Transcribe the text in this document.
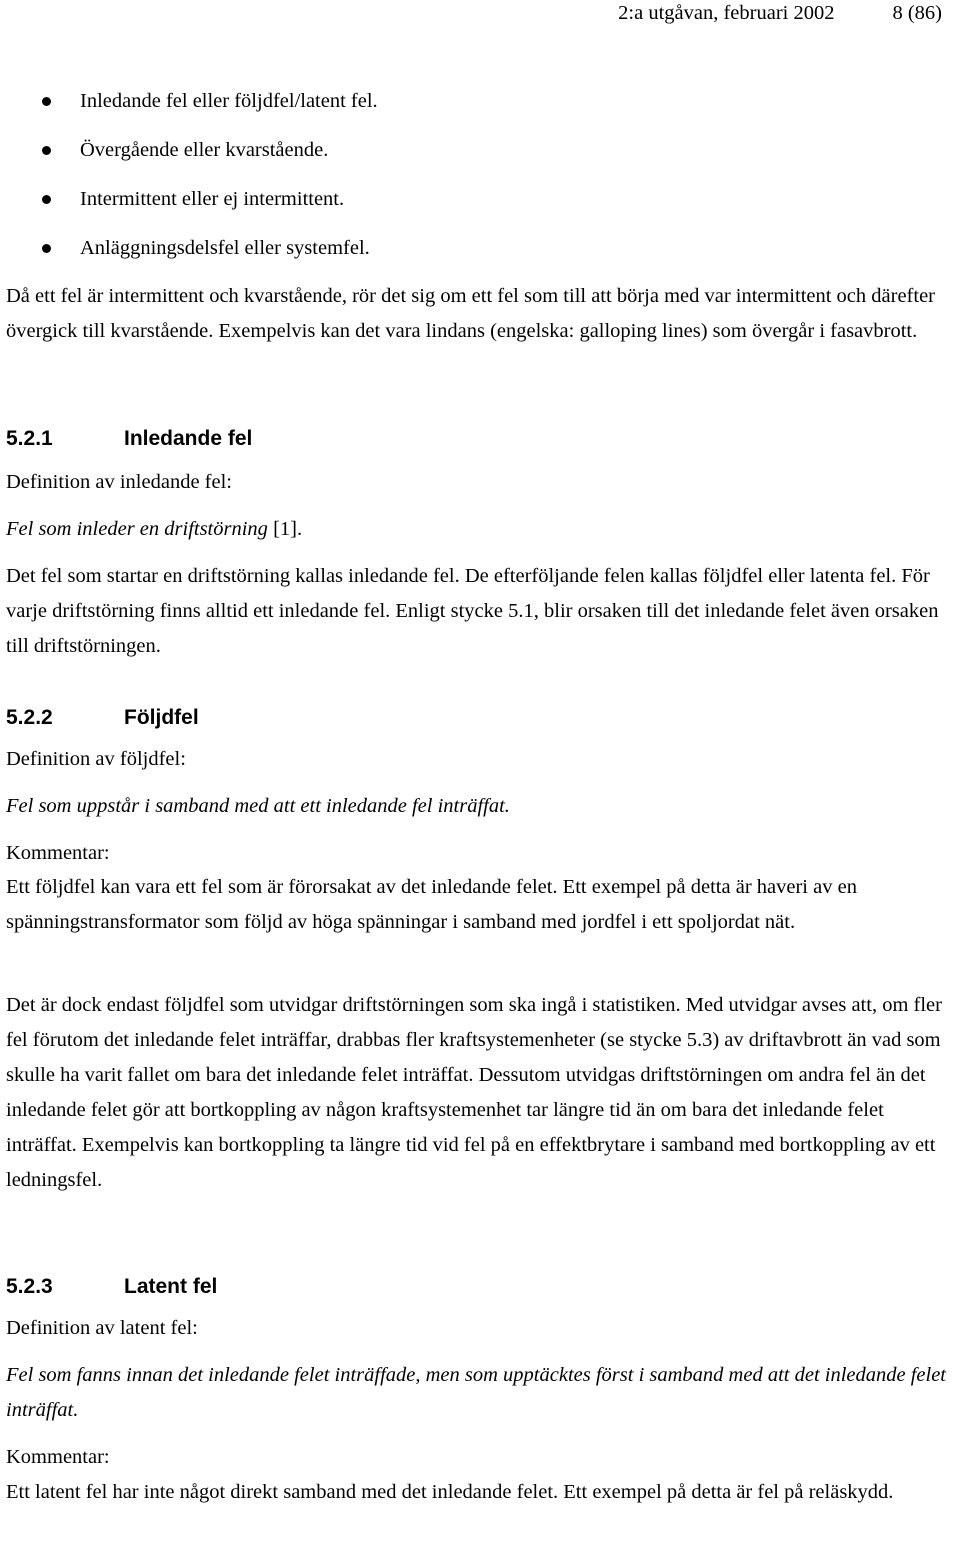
2:a utgåvan, februari 2002	8 (86)
Inledande fel eller följdfel/latent fel.
Övergående eller kvarstående.
Intermittent eller ej intermittent.
Anläggningsdelsfel eller systemfel.

Då ett fel är intermittent och kvarstående, rör det sig om ett fel som till att börja med var intermittent och därefter övergick till kvarstående. Exempelvis kan det vara lindans (engelska: galloping lines) som övergår i fasavbrott.

5.2.1	Inledande fel

Definition av inledande fel:

Fel som inleder en driftstörning [1].

Det fel som startar en driftstörning kallas inledande fel. De efterföljande felen kallas följdfel eller latenta fel. För varje driftstörning finns alltid ett inledande fel. Enligt stycke 5.1, blir orsaken till det inledande felet även orsaken till driftstörningen.

5.2.2	Följdfel

Definition av följdfel:

Fel som uppstår i samband med att ett inledande fel inträffat.

Kommentar:

Ett följdfel kan vara ett fel som är förorsakat av det inledande felet. Ett exempel på detta är haveri av en spänningstransformator som följd av höga spänningar i samband med jordfel i ett spoljordat nät.

Det är dock endast följdfel som utvidgar driftstörningen som ska ingå i statistiken. Med utvidgar avses att, om fler fel förutom det inledande felet inträffar, drabbas fler kraftsystemenheter (se stycke 5.3) av driftavbrott än vad som skulle ha varit fallet om bara det inledande felet inträffat. Dessutom utvidgas driftstörningen om andra fel än det inledande felet gör att bortkoppling av någon kraftsystemenhet tar längre tid än om bara det inledande felet inträffat. Exempelvis kan bortkoppling ta längre tid vid fel på en effektbrytare i samband med bortkoppling av ett ledningsfel.

5.2.3	Latent fel

Definition av latent fel:

Fel som fanns innan det inledande felet inträffade, men som upptäcktes först i samband med att det inledande felet inträffat.

Kommentar:

Ett latent fel har inte något direkt samband med det inledande felet. Ett exempel på detta är fel på reläskydd.
